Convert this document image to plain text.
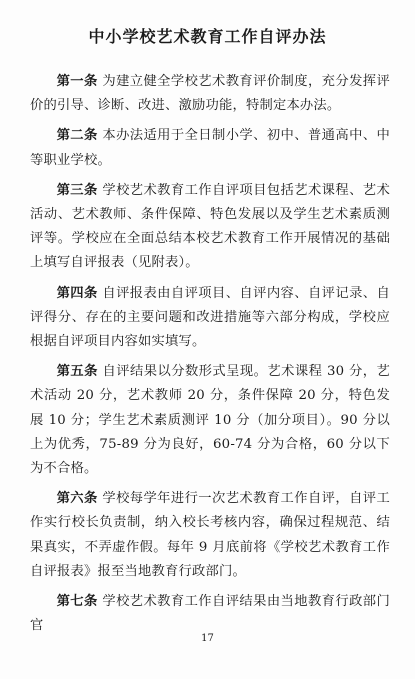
中小学校艺术教育工作自评办法

第一条 为建立健全学校艺术教育评价制度，充分发挥评价的引导、诊断、改进、激励功能，特制定本办法。

第二条 本办法适用于全日制小学、初中、普通高中、中等职业学校。

第三条 学校艺术教育工作自评项目包括艺术课程、艺术活动、艺术教师、条件保障、特色发展以及学生艺术素质测评等。学校应在全面总结本校艺术教育工作开展情况的基础上填写自评报表（见附表）。

第四条 自评报表由自评项目、自评内容、自评记录、自评得分、存在的主要问题和改进措施等六部分构成，学校应根据自评项目内容如实填写。

第五条 自评结果以分数形式呈现。艺术课程 30 分，艺术活动 20 分，艺术教师 20 分，条件保障 20 分，特色发展 10 分；学生艺术素质测评 10 分（加分项目）。90 分以上为优秀，75-89 分为良好，60-74 分为合格，60 分以下为不合格。

第六条 学校每学年进行一次艺术教育工作自评，自评工作实行校长负责制，纳入校长考核内容，确保过程规范、结果真实，不弄虚作假。每年 9 月底前将《学校艺术教育工作自评报表》报至当地教育行政部门。

第七条 学校艺术教育工作自评结果由当地教育行政部门官

17
